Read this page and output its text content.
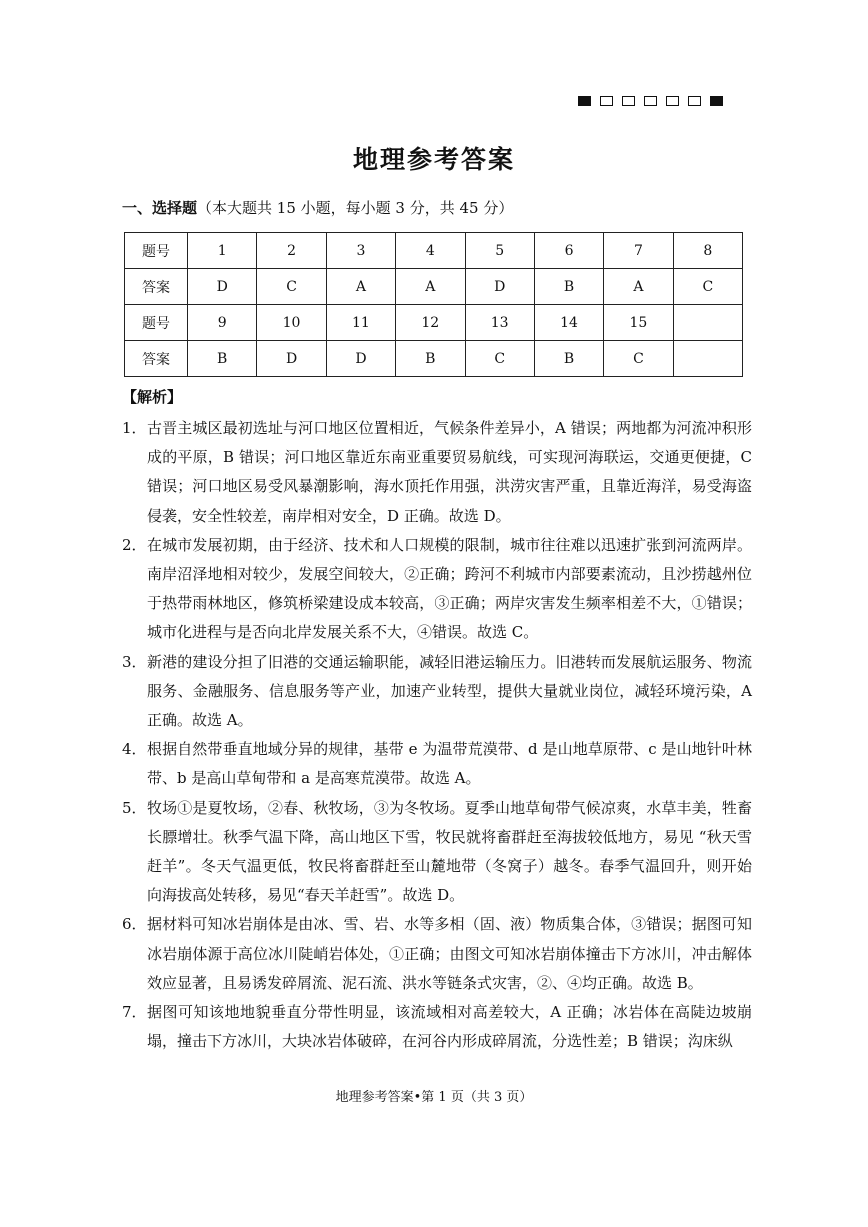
地理参考答案
一、选择题（本大题共 15 小题，每小题 3 分，共 45 分）
题号	1	2	3	4	5	6	7	8
答案	D	C	A	A	D	B	A	C
题号	9	10	11	12	13	14	15	
答案	B	D	D	B	C	B	C	
【解析】
1． 古晋主城区最初选址与河口地区位置相近，气候条件差异小，A 错误；两地都为河流冲积形成的平原，B 错误；河口地区靠近东南亚重要贸易航线，可实现河海联运，交通更便捷，C 错误；河口地区易受风暴潮影响，海水顶托作用强，洪涝灾害严重，且靠近海洋，易受海盗侵袭，安全性较差，南岸相对安全，D 正确。故选 D。
2． 在城市发展初期，由于经济、技术和人口规模的限制，城市往往难以迅速扩张到河流两岸。南岸沼泽地相对较少，发展空间较大，②正确；跨河不利城市内部要素流动，且沙捞越州位于热带雨林地区，修筑桥梁建设成本较高，③正确；两岸灾害发生频率相差不大，①错误；城市化进程与是否向北岸发展关系不大，④错误。故选 C。
3． 新港的建设分担了旧港的交通运输职能，减轻旧港运输压力。旧港转而发展航运服务、物流服务、金融服务、信息服务等产业，加速产业转型，提供大量就业岗位，减轻环境污染，A 正确。故选 A。
4． 根据自然带垂直地域分异的规律，基带 e 为温带荒漠带、d 是山地草原带、c 是山地针叶林带、b 是高山草甸带和 a 是高寒荒漠带。故选 A。
5． 牧场①是夏牧场，②春、秋牧场，③为冬牧场。夏季山地草甸带气候凉爽，水草丰美，牲畜长膘增壮。秋季气温下降，高山地区下雪，牧民就将畜群赶至海拔较低地方，易见 “秋天雪赶羊”。冬天气温更低，牧民将畜群赶至山麓地带（冬窝子）越冬。春季气温回升，则开始向海拔高处转移，易见“春天羊赶雪”。故选 D。
6． 据材料可知冰岩崩体是由冰、雪、岩、水等多相（固、液）物质集合体，③错误；据图可知冰岩崩体源于高位冰川陡峭岩体处，①正确；由图文可知冰岩崩体撞击下方冰川，冲击解体效应显著，且易诱发碎屑流、泥石流、洪水等链条式灾害，②、④均正确。故选 B。
7． 据图可知该地地貌垂直分带性明显，该流域相对高差较大，A 正确；冰岩体在高陡边坡崩塌，撞击下方冰川，大块冰岩体破碎，在河谷内形成碎屑流，分选性差；B 错误；沟床纵
地理参考答案•第 1 页（共 3 页）
